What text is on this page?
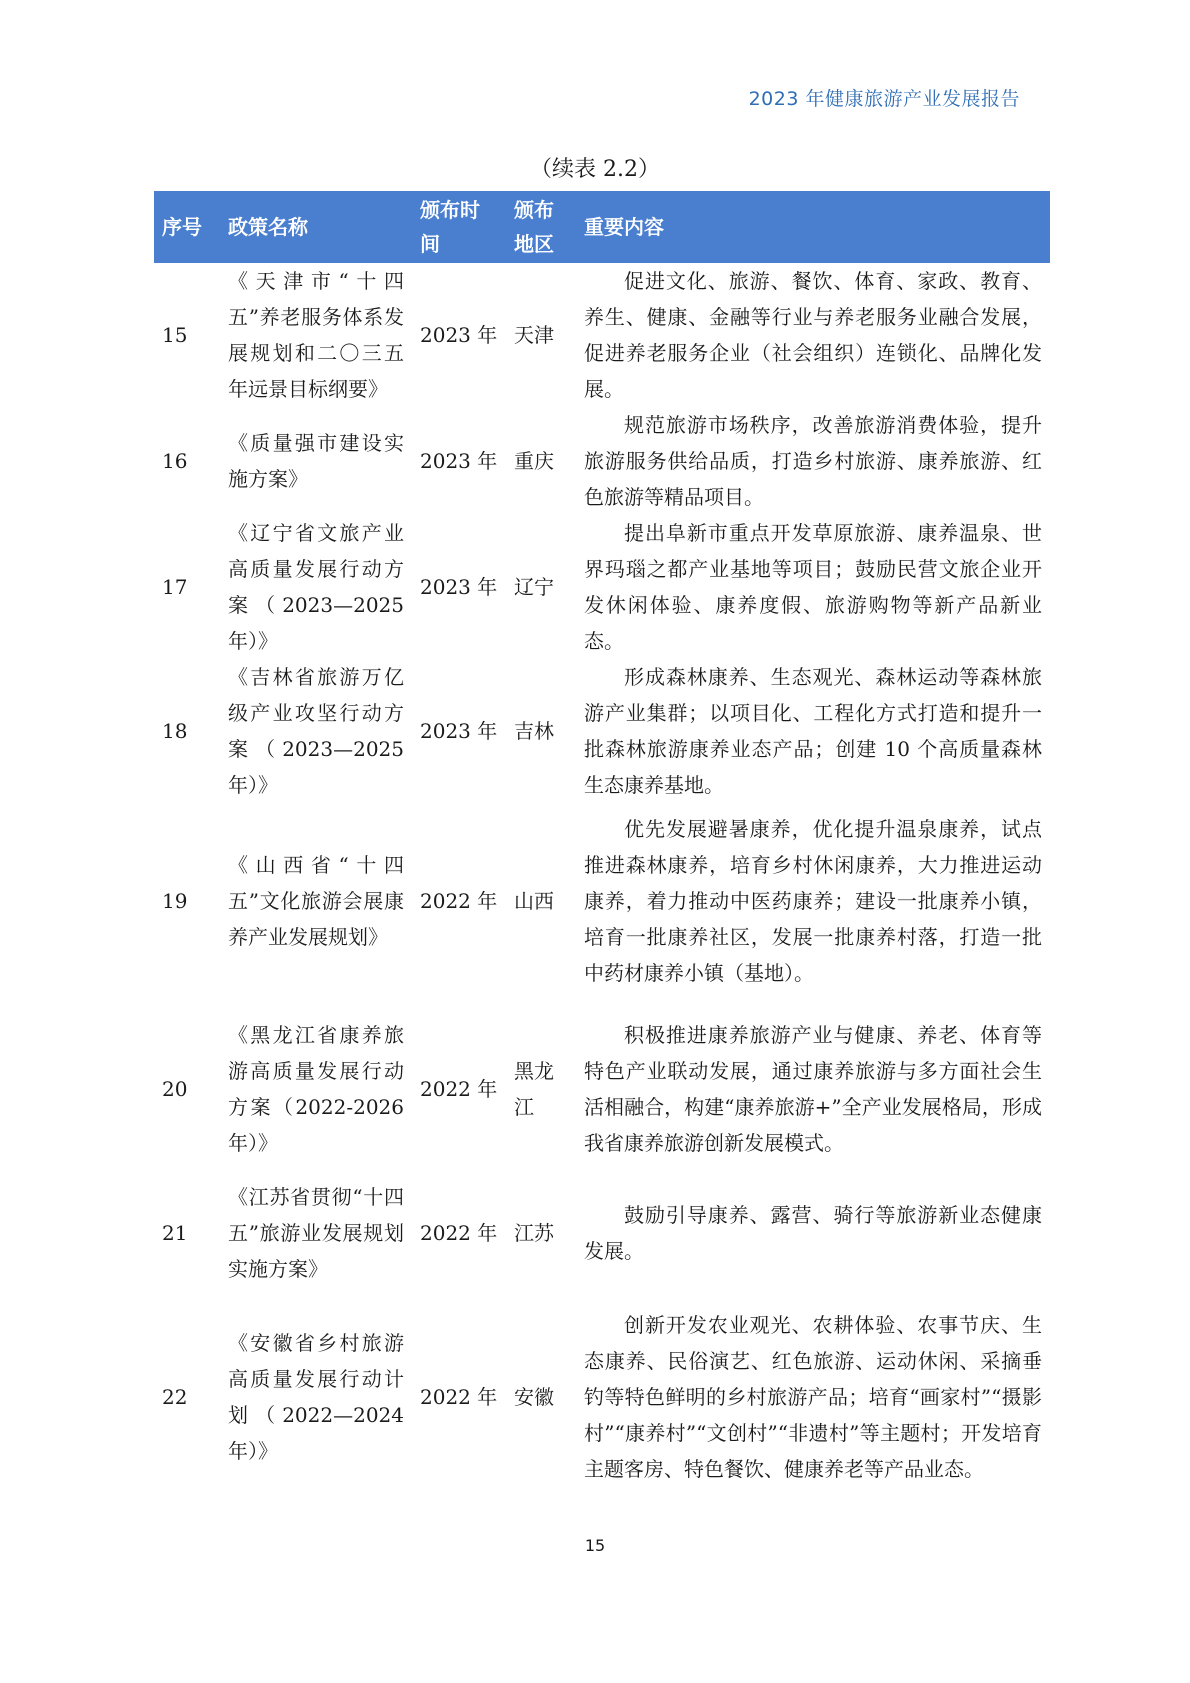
2023 年健康旅游产业发展报告
（续表 2.2）
序号	政策名称	颁布时间	颁布地区	重要内容
15	《天津市“十四五”养老服务体系发展规划和二〇三五年远景目标纲要》	2023 年	天津	促进文化、旅游、餐饮、体育、家政、教育、养生、健康、金融等行业与养老服务业融合发展，促进养老服务企业（社会组织）连锁化、品牌化发展。
16	《质量强市建设实施方案》	2023 年	重庆	规范旅游市场秩序，改善旅游消费体验，提升旅游服务供给品质，打造乡村旅游、康养旅游、红色旅游等精品项目。
17	《辽宁省文旅产业高质量发展行动方案（2023—2025年）》	2023 年	辽宁	提出阜新市重点开发草原旅游、康养温泉、世界玛瑙之都产业基地等项目；鼓励民营文旅企业开发休闲体验、康养度假、旅游购物等新产品新业态。
18	《吉林省旅游万亿级产业攻坚行动方案（2023—2025年）》	2023 年	吉林	形成森林康养、生态观光、森林运动等森林旅游产业集群；以项目化、工程化方式打造和提升一批森林旅游康养业态产品；创建 10 个高质量森林生态康养基地。
19	《山西省“十四五”文化旅游会展康养产业发展规划》	2022 年	山西	优先发展避暑康养，优化提升温泉康养，试点推进森林康养，培育乡村休闲康养，大力推进运动康养，着力推动中医药康养；建设一批康养小镇，培育一批康养社区，发展一批康养村落，打造一批中药材康养小镇（基地）。
20	《黑龙江省康养旅游高质量发展行动方案（2022-2026年）》	2022 年	黑龙江	积极推进康养旅游产业与健康、养老、体育等特色产业联动发展，通过康养旅游与多方面社会生活相融合，构建“康养旅游+”全产业发展格局，形成我省康养旅游创新发展模式。
21	《江苏省贯彻“十四五”旅游业发展规划实施方案》	2022 年	江苏	鼓励引导康养、露营、骑行等旅游新业态健康发展。
22	《安徽省乡村旅游高质量发展行动计划（2022—2024年）》	2022 年	安徽	创新开发农业观光、农耕体验、农事节庆、生态康养、民俗演艺、红色旅游、运动休闲、采摘垂钓等特色鲜明的乡村旅游产品；培育“画家村”“摄影村”“康养村”“文创村”“非遗村”等主题村；开发培育主题客房、特色餐饮、健康养老等产品业态。
15
